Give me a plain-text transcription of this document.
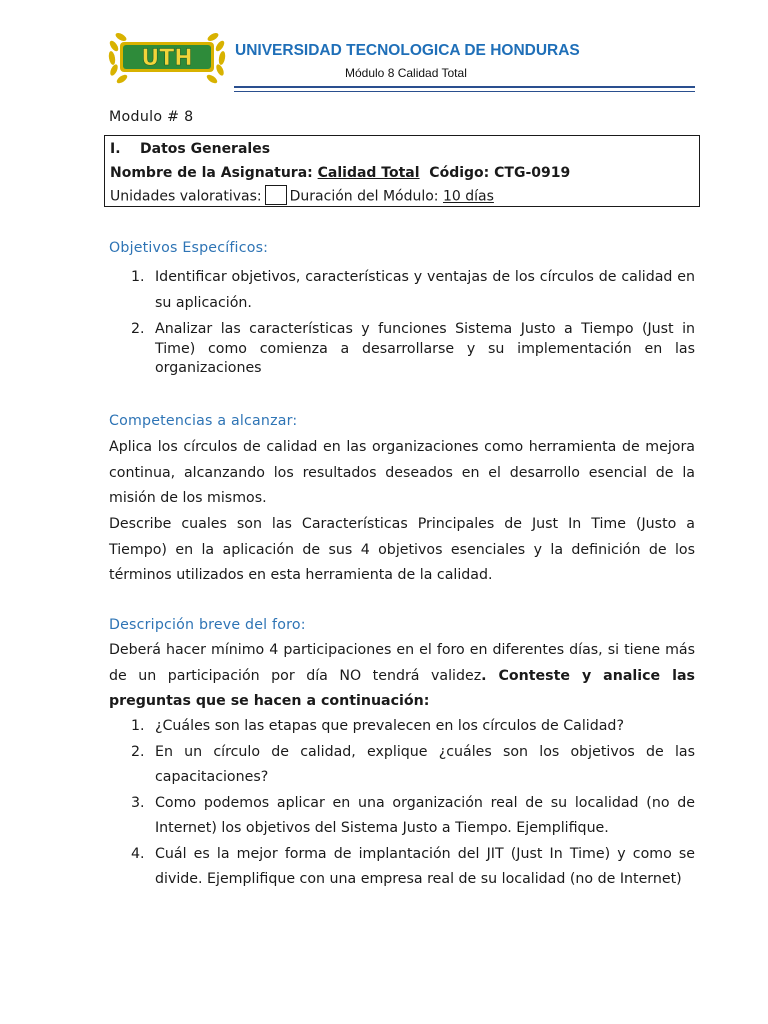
UTH	UNIVERSIDAD TECNOLOGICA DE HONDURAS
Módulo 8 Calidad Total
Modulo # 8
I.    Datos Generales
Nombre de la Asignatura: Calidad Total  Código: CTG-0919
Unidades valorativas: Duración del Módulo: 10 días
Objetivos Específicos:
1. Identificar objetivos, características y ventajas de los círculos de calidad en su aplicación.
2. Analizar las características y funciones Sistema Justo a Tiempo (Just in Time) como comienza a desarrollarse y su implementación en las organizaciones
Competencias a alcanzar:
Aplica los círculos de calidad en las organizaciones como herramienta de mejora continua, alcanzando los resultados deseados en el desarrollo esencial de la misión de los mismos.
Describe cuales son las Características Principales de Just In Time (Justo a Tiempo) en la aplicación de sus 4 objetivos esenciales y la definición de los términos utilizados en esta herramienta de la calidad.
Descripción breve del foro:
Deberá hacer mínimo 4 participaciones en el foro en diferentes días, si tiene más de un participación por día NO tendrá validez. Conteste y analice las preguntas que se hacen a continuación:
1. ¿Cuáles son las etapas que prevalecen en los círculos de Calidad?
2. En un círculo de calidad, explique ¿cuáles son los objetivos de las capacitaciones?
3. Como podemos aplicar en una organización real de su localidad (no de Internet) los objetivos del Sistema Justo a Tiempo. Ejemplifique.
4. Cuál es la mejor forma de implantación del JIT (Just In Time) y como se divide. Ejemplifique con una empresa real de su localidad (no de Internet)
